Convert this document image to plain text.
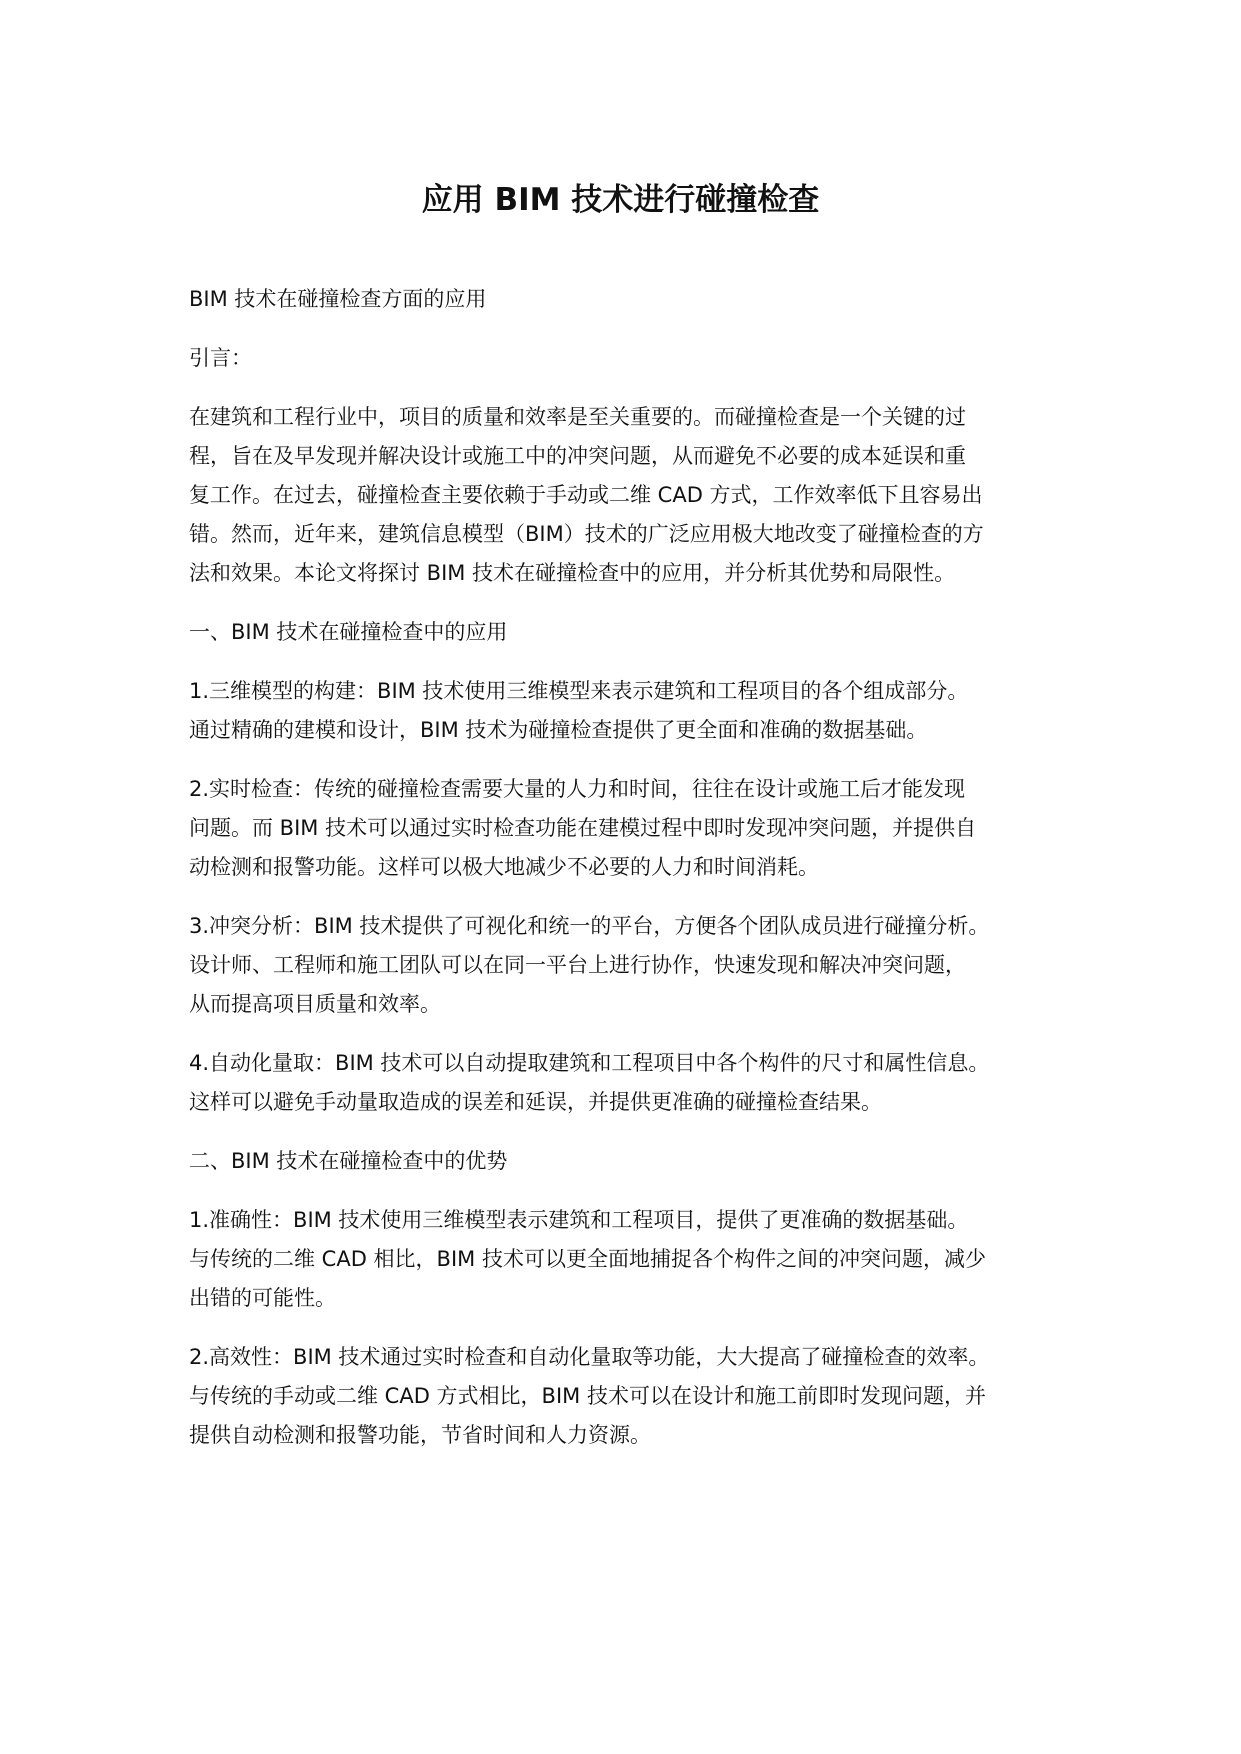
应用 BIM 技术进行碰撞检查

BIM 技术在碰撞检查方面的应用

引言：

在建筑和工程行业中，项目的质量和效率是至关重要的。而碰撞检查是一个关键的过
程，旨在及早发现并解决设计或施工中的冲突问题，从而避免不必要的成本延误和重
复工作。在过去，碰撞检查主要依赖于手动或二维 CAD 方式，工作效率低下且容易出
错。然而，近年来，建筑信息模型（BIM）技术的广泛应用极大地改变了碰撞检查的方
法和效果。本论文将探讨 BIM 技术在碰撞检查中的应用，并分析其优势和局限性。

一、BIM 技术在碰撞检查中的应用

1.三维模型的构建：BIM 技术使用三维模型来表示建筑和工程项目的各个组成部分。
通过精确的建模和设计，BIM 技术为碰撞检查提供了更全面和准确的数据基础。

2.实时检查：传统的碰撞检查需要大量的人力和时间，往往在设计或施工后才能发现
问题。而 BIM 技术可以通过实时检查功能在建模过程中即时发现冲突问题，并提供自
动检测和报警功能。这样可以极大地减少不必要的人力和时间消耗。

3.冲突分析：BIM 技术提供了可视化和统一的平台，方便各个团队成员进行碰撞分析。
设计师、工程师和施工团队可以在同一平台上进行协作，快速发现和解决冲突问题，
从而提高项目质量和效率。

4.自动化量取：BIM 技术可以自动提取建筑和工程项目中各个构件的尺寸和属性信息。
这样可以避免手动量取造成的误差和延误，并提供更准确的碰撞检查结果。

二、BIM 技术在碰撞检查中的优势

1.准确性：BIM 技术使用三维模型表示建筑和工程项目，提供了更准确的数据基础。
与传统的二维 CAD 相比，BIM 技术可以更全面地捕捉各个构件之间的冲突问题，减少
出错的可能性。

2.高效性：BIM 技术通过实时检查和自动化量取等功能，大大提高了碰撞检查的效率。
与传统的手动或二维 CAD 方式相比，BIM 技术可以在设计和施工前即时发现问题，并
提供自动检测和报警功能，节省时间和人力资源。
